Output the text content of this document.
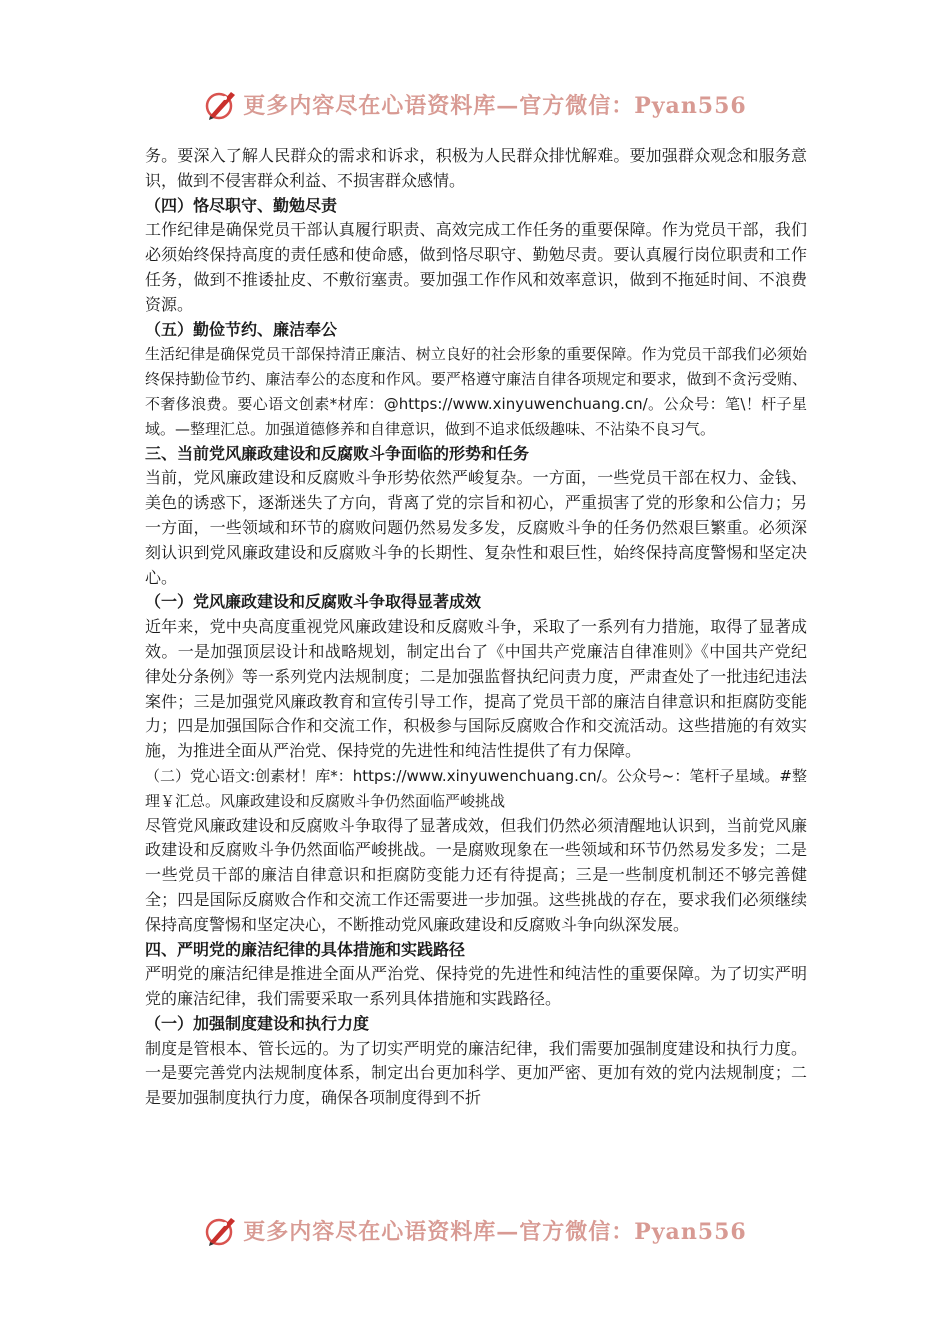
更多内容尽在心语资料库—官方微信：Pyan556

务。要深入了解人民群众的需求和诉求，积极为人民群众排忧解难。要加强群众观念和服务意识，做到不侵害群众利益、不损害群众感情。

（四）恪尽职守、勤勉尽责

工作纪律是确保党员干部认真履行职责、高效完成工作任务的重要保障。作为党员干部，我们必须始终保持高度的责任感和使命感，做到恪尽职守、勤勉尽责。要认真履行岗位职责和工作任务，做到不推诿扯皮、不敷衍塞责。要加强工作作风和效率意识，做到不拖延时间、不浪费资源。

（五）勤俭节约、廉洁奉公

生活纪律是确保党员干部保持清正廉洁、树立良好的社会形象的重要保障。作为党员干部我们必须始终保持勤俭节约、廉洁奉公的态度和作风。要严格遵守廉洁自律各项规定和要求，做到不贪污受贿、不奢侈浪费。要心语文创素*材库：@https://www.xinyuwenchuang.cn/。公众号：笔\！杆子星域。—整理汇总。加强道德修养和自律意识，做到不追求低级趣味、不沾染不良习气。

三、当前党风廉政建设和反腐败斗争面临的形势和任务

当前，党风廉政建设和反腐败斗争形势依然严峻复杂。一方面，一些党员干部在权力、金钱、美色的诱惑下，逐渐迷失了方向，背离了党的宗旨和初心，严重损害了党的形象和公信力；另一方面，一些领域和环节的腐败问题仍然易发多发，反腐败斗争的任务仍然艰巨繁重。必须深刻认识到党风廉政建设和反腐败斗争的长期性、复杂性和艰巨性，始终保持高度警惕和坚定决心。

（一）党风廉政建设和反腐败斗争取得显著成效

近年来，党中央高度重视党风廉政建设和反腐败斗争，采取了一系列有力措施，取得了显著成效。一是加强顶层设计和战略规划，制定出台了《中国共产党廉洁自律准则》《中国共产党纪律处分条例》等一系列党内法规制度；二是加强监督执纪问责力度，严肃查处了一批违纪违法案件；三是加强党风廉政教育和宣传引导工作，提高了党员干部的廉洁自律意识和拒腐防变能力；四是加强国际合作和交流工作，积极参与国际反腐败合作和交流活动。这些措施的有效实施，为推进全面从严治党、保持党的先进性和纯洁性提供了有力保障。

（二）党心语文:创素材！库*：https://www.xinyuwenchuang.cn/。公众号~：笔杆子星域。#整理￥汇总。风廉政建设和反腐败斗争仍然面临严峻挑战

尽管党风廉政建设和反腐败斗争取得了显著成效，但我们仍然必须清醒地认识到，当前党风廉政建设和反腐败斗争仍然面临严峻挑战。一是腐败现象在一些领域和环节仍然易发多发；二是一些党员干部的廉洁自律意识和拒腐防变能力还有待提高；三是一些制度机制还不够完善健全；四是国际反腐败合作和交流工作还需要进一步加强。这些挑战的存在，要求我们必须继续保持高度警惕和坚定决心，不断推动党风廉政建设和反腐败斗争向纵深发展。

四、严明党的廉洁纪律的具体措施和实践路径

严明党的廉洁纪律是推进全面从严治党、保持党的先进性和纯洁性的重要保障。为了切实严明党的廉洁纪律，我们需要采取一系列具体措施和实践路径。

（一）加强制度建设和执行力度

制度是管根本、管长远的。为了切实严明党的廉洁纪律，我们需要加强制度建设和执行力度。一是要完善党内法规制度体系，制定出台更加科学、更加严密、更加有效的党内法规制度；二是要加强制度执行力度，确保各项制度得到不折

更多内容尽在心语资料库—官方微信：Pyan556
